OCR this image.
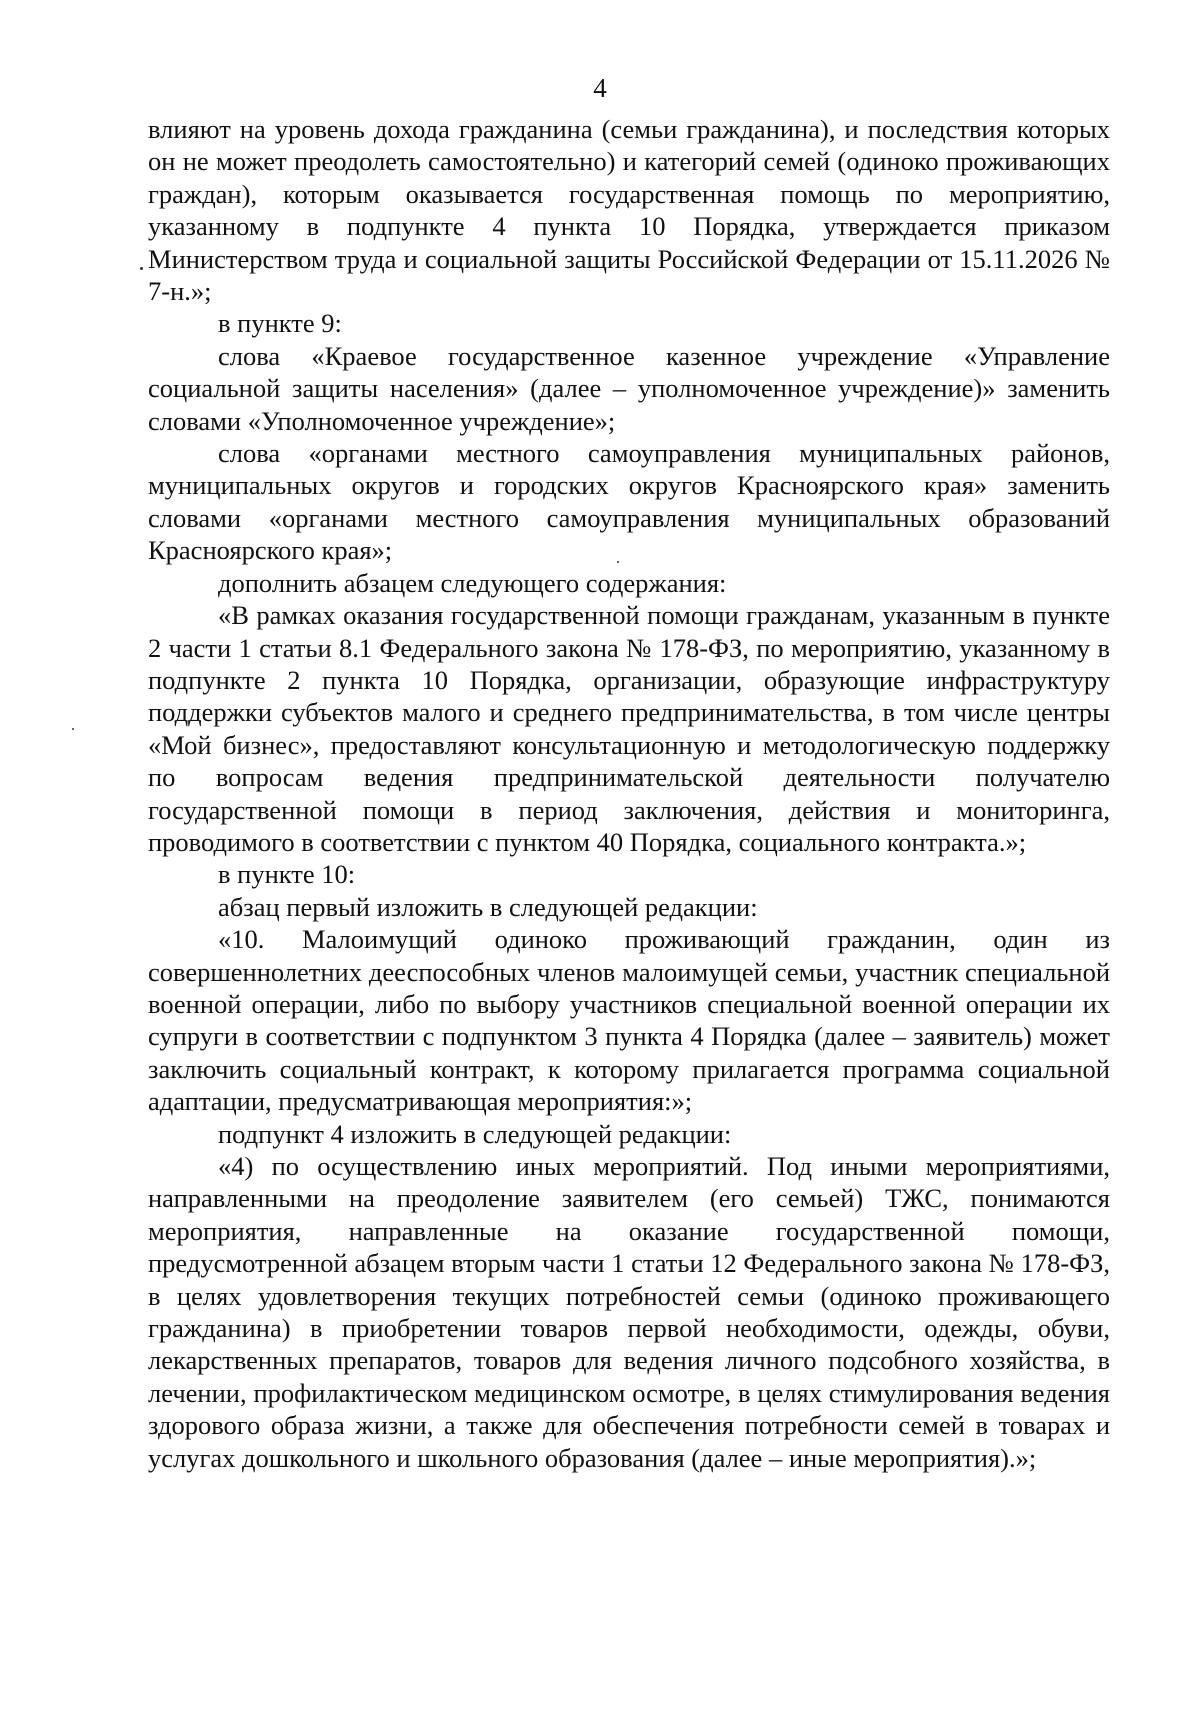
4

влияют на уровень дохода гражданина (семьи гражданина), и последствия которых он не может преодолеть самостоятельно) и категорий семей (одиноко проживающих граждан), которым оказывается государственная помощь по мероприятию, указанному в подпункте 4 пункта 10 Порядка, утверждается приказом Министерством труда и социальной защиты Российской Федерации от 15.11.2026 № 7-н.»;

в пункте 9:

слова «Краевое государственное казенное учреждение «Управление социальной защиты населения» (далее – уполномоченное учреждение)» заменить словами «Уполномоченное учреждение»;

слова «органами местного самоуправления муниципальных районов, муниципальных округов и городских округов Красноярского края» заменить словами «органами местного самоуправления муниципальных образований Красноярского края»;

дополнить абзацем следующего содержания:

«В рамках оказания государственной помощи гражданам, указанным в пункте 2 части 1 статьи 8.1 Федерального закона № 178-ФЗ, по мероприятию, указанному в подпункте 2 пункта 10 Порядка, организации, образующие инфраструктуру поддержки субъектов малого и среднего предпринимательства, в том числе центры «Мой бизнес», предоставляют консультационную и методологическую поддержку по вопросам ведения предпринимательской деятельности получателю государственной помощи в период заключения, действия и мониторинга, проводимого в соответствии с пунктом 40 Порядка, социального контракта.»;

в пункте 10:

абзац первый изложить в следующей редакции:

«10. Малоимущий одиноко проживающий гражданин, один из совершеннолетних дееспособных членов малоимущей семьи, участник специальной военной операции, либо по выбору участников специальной военной операции их супруги в соответствии с подпунктом 3 пункта 4 Порядка (далее – заявитель) может заключить социальный контракт, к которому прилагается программа социальной адаптации, предусматривающая мероприятия:»;

подпункт 4 изложить в следующей редакции:

«4) по осуществлению иных мероприятий. Под иными мероприятиями, направленными на преодоление заявителем (его семьей) ТЖС, понимаются мероприятия, направленные на оказание государственной помощи, предусмотренной абзацем вторым части 1 статьи 12 Федерального закона № 178-ФЗ, в целях удовлетворения текущих потребностей семьи (одиноко проживающего гражданина) в приобретении товаров первой необходимости, одежды, обуви, лекарственных препаратов, товаров для ведения личного подсобного хозяйства, в лечении, профилактическом медицинском осмотре, в целях стимулирования ведения здорового образа жизни, а также для обеспечения потребности семей в товарах и услугах дошкольного и школьного образования (далее – иные мероприятия).»;
